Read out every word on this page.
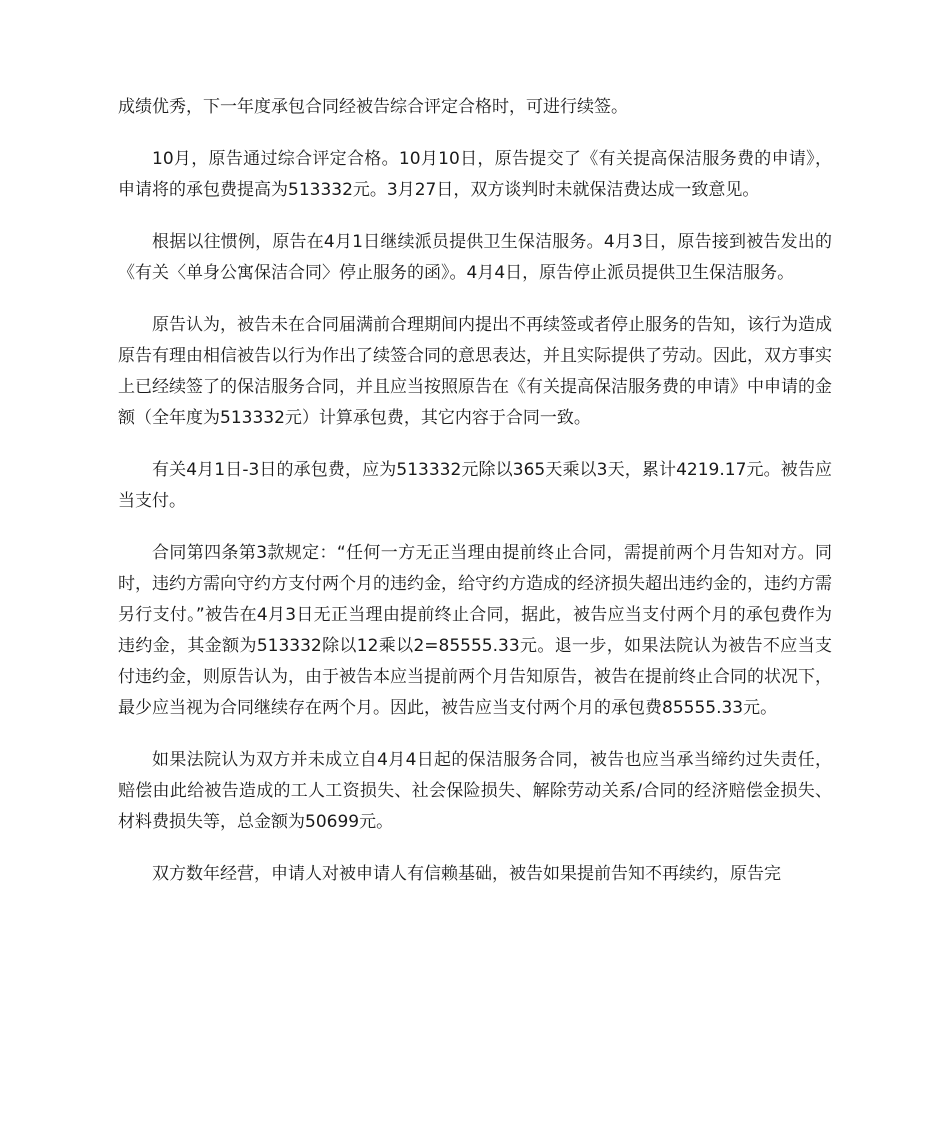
成绩优秀，下一年度承包合同经被告综合评定合格时，可进行续签。

10月，原告通过综合评定合格。10月10日，原告提交了《有关提高保洁服务费的申请》，申请将的承包费提高为513332元。3月27日，双方谈判时未就保洁费达成一致意见。

根据以往惯例，原告在4月1日继续派员提供卫生保洁服务。4月3日，原告接到被告发出的《有关〈单身公寓保洁合同〉停止服务的函》。4月4日，原告停止派员提供卫生保洁服务。

原告认为，被告未在合同届满前合理期间内提出不再续签或者停止服务的告知，该行为造成原告有理由相信被告以行为作出了续签合同的意思表达，并且实际提供了劳动。因此，双方事实上已经续签了的保洁服务合同，并且应当按照原告在《有关提高保洁服务费的申请》中申请的金额（全年度为513332元）计算承包费，其它内容于合同一致。

有关4月1日-3日的承包费，应为513332元除以365天乘以3天，累计4219.17元。被告应当支付。

合同第四条第3款规定：“任何一方无正当理由提前终止合同，需提前两个月告知对方。同时，违约方需向守约方支付两个月的违约金，给守约方造成的经济损失超出违约金的，违约方需另行支付。”被告在4月3日无正当理由提前终止合同，据此，被告应当支付两个月的承包费作为违约金，其金额为513332除以12乘以2=85555.33元。退一步，如果法院认为被告不应当支付违约金，则原告认为，由于被告本应当提前两个月告知原告，被告在提前终止合同的状况下，最少应当视为合同继续存在两个月。因此，被告应当支付两个月的承包费85555.33元。

如果法院认为双方并未成立自4月4日起的保洁服务合同，被告也应当承当缔约过失责任，赔偿由此给被告造成的工人工资损失、社会保险损失、解除劳动关系/合同的经济赔偿金损失、材料费损失等，总金额为50699元。

双方数年经营，申请人对被申请人有信赖基础，被告如果提前告知不再续约，原告完
